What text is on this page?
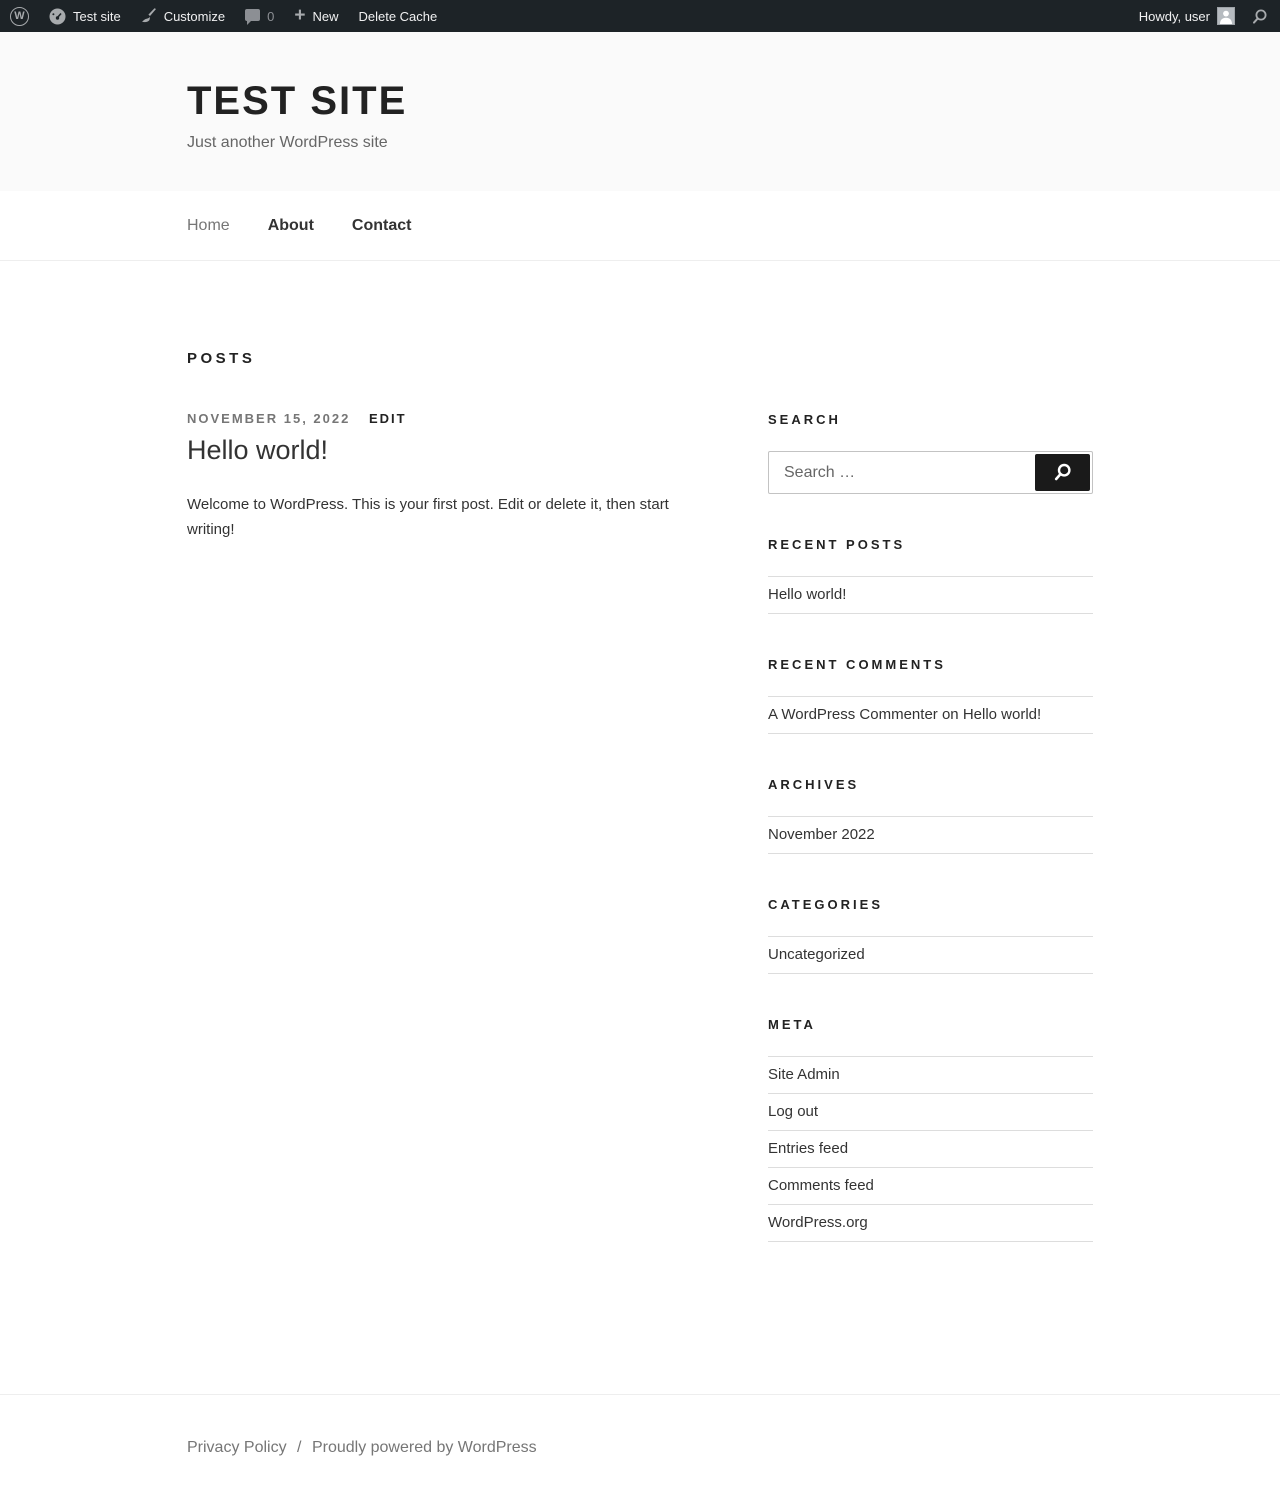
W	Test site	Customize	0 + New Delete Cache	Howdy, user
TEST SITE
Just another WordPress site
Home About Contact
POSTS
NOVEMBER 15, 2022 EDIT
Hello world!
Welcome to WordPress. This is your first post. Edit or delete it, then start writing!
SEARCH
Search …
RECENT POSTS
Hello world!
RECENT COMMENTS
A WordPress Commenter on Hello world!
ARCHIVES
November 2022
CATEGORIES
Uncategorized
META
Site Admin
Log out
Entries feed
Comments feed
WordPress.org
Privacy Policy / Proudly powered by WordPress
